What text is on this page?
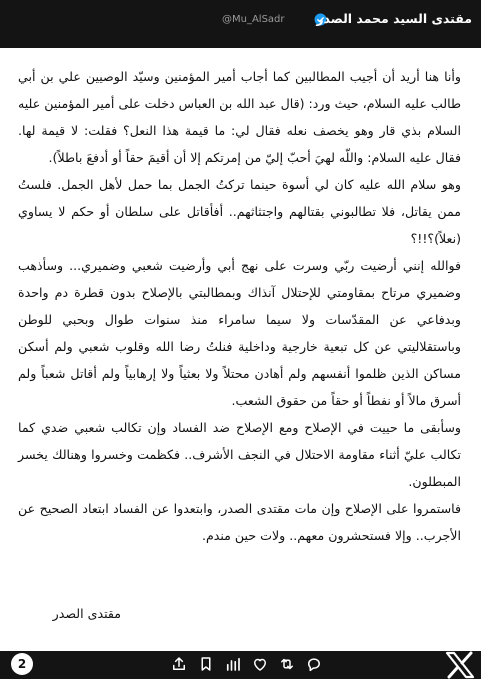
@Mu_AlSadr	مقتدى السيد محمد الصدر

وأنا هنا أريد أن أجيب المطالبين كما أجاب أمير المؤمنين وسيّد الوصيين علي بن أبي طالب عليه السلام، حيث ورد: (قال عبد الله بن العباس دخلت على أمير المؤمنين عليه السلام بذي قار وهو يخصف نعله فقال لي: ما قيمة هذا النعل؟ فقلت: لا قيمة لها. فقال عليه السلام: واللّه لهيَ أحبّ إليّ من إمرتكم إلا أن أقيمَ حقاً أو أدفعَ باطلاً).

وهو سلام الله عليه كان لي أسوة حينما تركتُ الجمل بما حمل لأهل الجمل. فلستُ ممن يقاتل، فلا تطالبوني بقتالهم واجتثاثهم.. أفأقاتل على سلطان أو حكم لا يساوي (نعلاً)؟!!؟

فوالله إنني أرضيت ربّي وسرت على نهج أبي وأرضيت شعبي وضميري... وسأذهب وضميري مرتاح بمقاومتي للإحتلال آنذاك وبمطالبتي بالإصلاح بدون قطرة دم واحدة وبدفاعي عن المقدّسات ولا سيما سامراء منذ سنوات طوال وبحبي للوطن وباستقلاليتي عن كل تبعية خارجية وداخلية فنلتُ رضا الله وقلوب شعبي ولم أسكن مساكن الذين ظلموا أنفسهم ولم أهادن محتلاً ولا بعثياً ولا إرهابياً ولم أقاتل شعباً ولم أسرق مالاً أو نفطاً أو حقاً من حقوق الشعب.

وسأبقى ما حييت في الإصلاح ومع الإصلاح ضد الفساد وإن تكالب شعبي ضدي كما تكالب عليّ أثناء مقاومة الاحتلال في النجف الأشرف.. فكظمت وخسروا وهنالك يخسر المبطلون.

فاستمروا على الإصلاح وإن مات مقتدى الصدر، وابتعدوا عن الفساد ابتعاد الصحيح عن الأجرب.. وإلا فستحشرون معهم.. ولات حين مندم.

مقتدى الصدر
2
